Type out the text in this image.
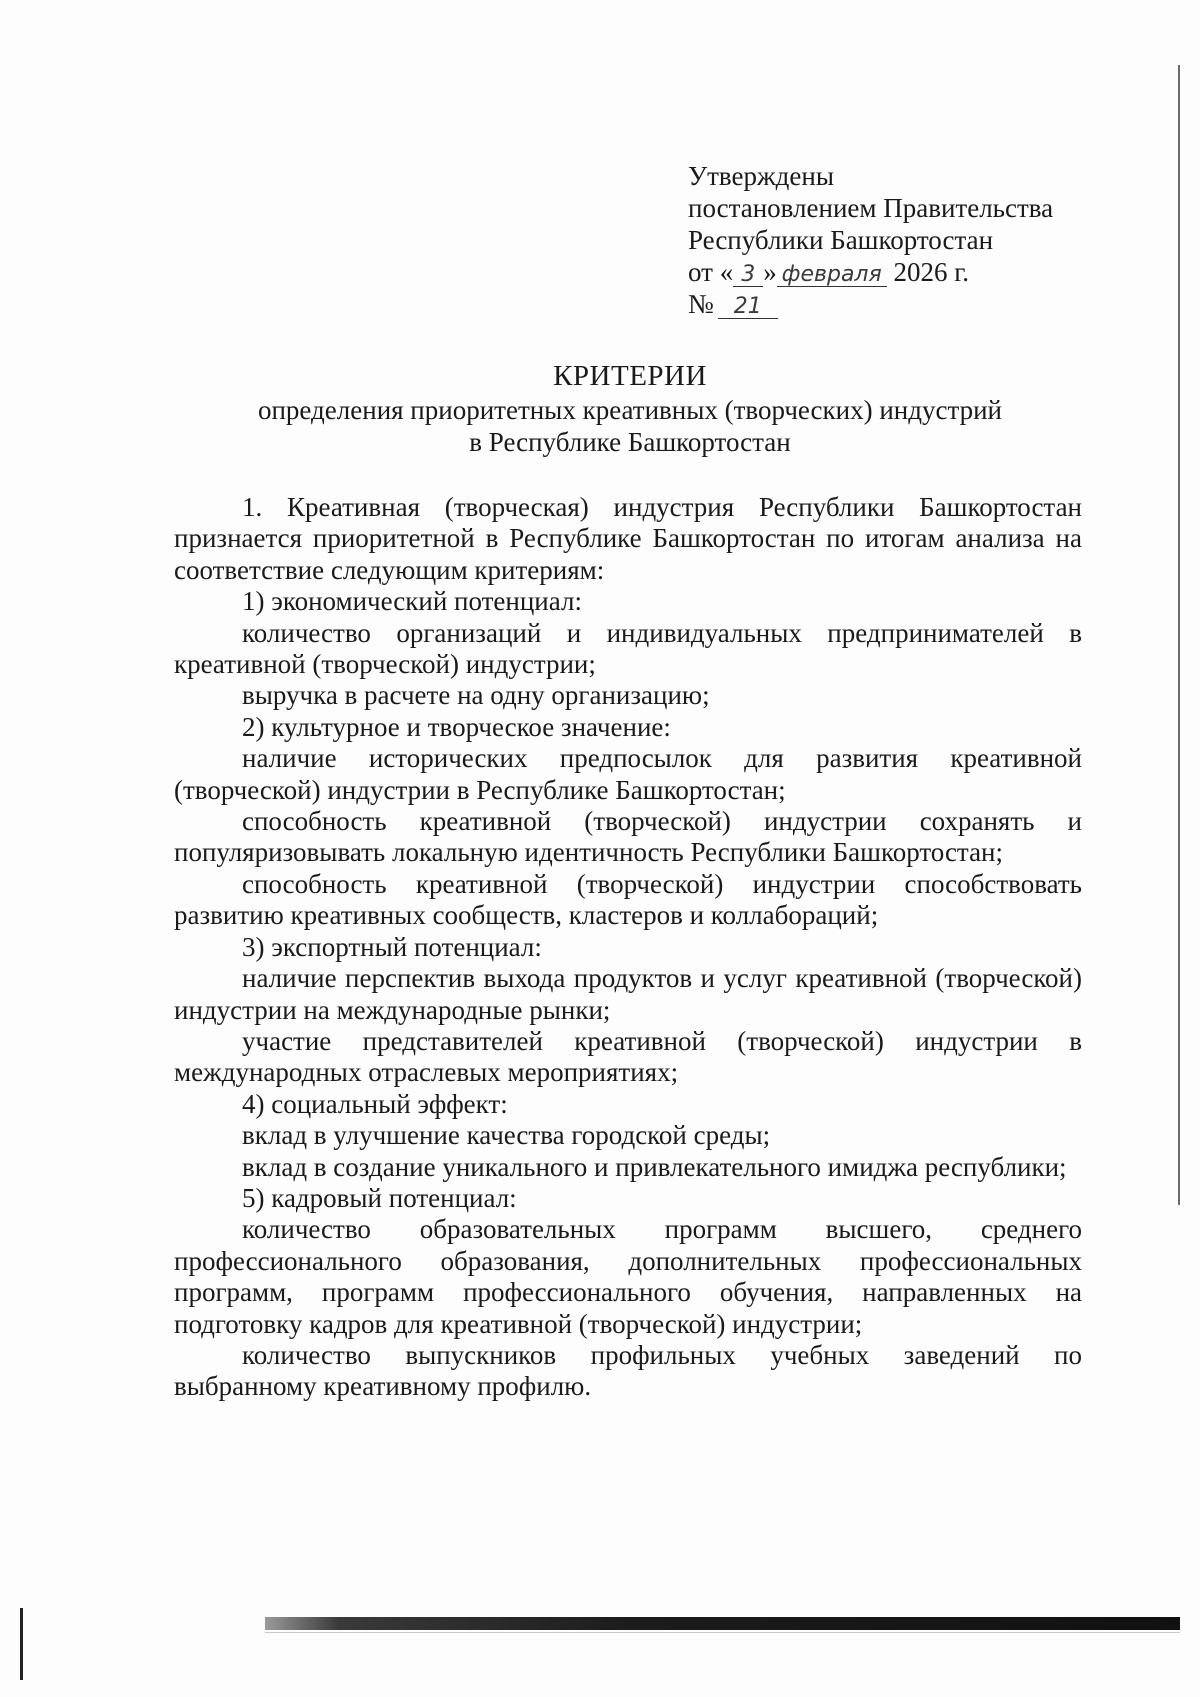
Утверждены
постановлением Правительства
Республики Башкортостан
от « 3 » февраля 2026 г.
№ 21
КРИТЕРИИ
определения приоритетных креативных (творческих) индустрий
в Республике Башкортостан

1. Креативная (творческая) индустрия Республики Башкортостан признается приоритетной в Республике Башкортостан по итогам анализа на соответствие следующим критериям:

1) экономический потенциал:

количество организаций и индивидуальных предпринимателей в креативной (творческой) индустрии;

выручка в расчете на одну организацию;

2) культурное и творческое значение:

наличие исторических предпосылок для развития креативной (творческой) индустрии в Республике Башкортостан;

способность креативной (творческой) индустрии сохранять и популяризовывать локальную идентичность Республики Башкортостан;

способность креативной (творческой) индустрии способствовать развитию креативных сообществ, кластеров и коллабораций;

3) экспортный потенциал:

наличие перспектив выхода продуктов и услуг креативной (творческой) индустрии на международные рынки;

участие представителей креативной (творческой) индустрии в международных отраслевых мероприятиях;

4) социальный эффект:

вклад в улучшение качества городской среды;

вклад в создание уникального и привлекательного имиджа республики;

5) кадровый потенциал:

количество образовательных программ высшего, среднего профессионального образования, дополнительных профессиональных программ, программ профессионального обучения, направленных на подготовку кадров для креативной (творческой) индустрии;

количество выпускников профильных учебных заведений по выбранному креативному профилю.
